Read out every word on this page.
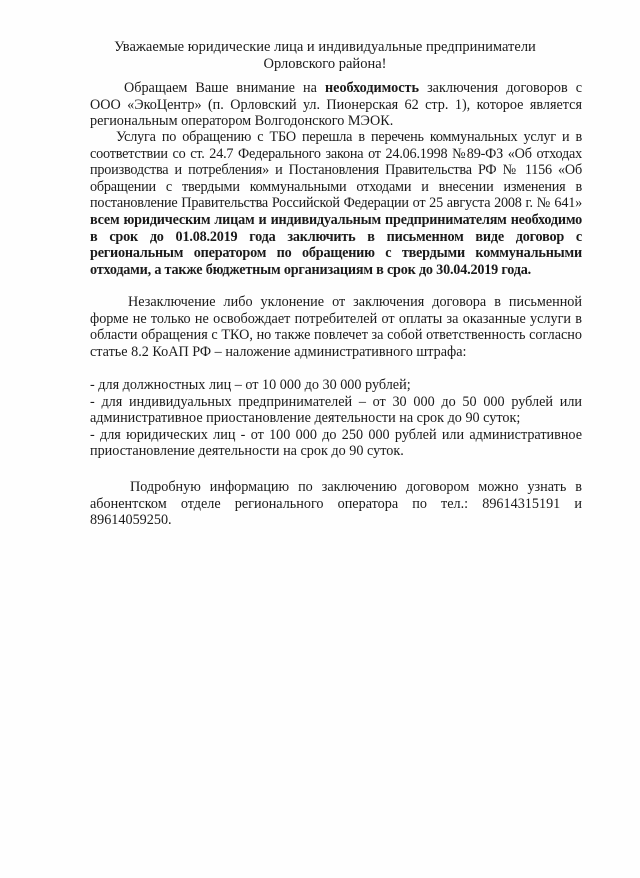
Уважаемые юридические лица и индивидуальные предприниматели
Орловского района!
Обращаем Ваше внимание на необходимость заключения договоров с ООО «ЭкоЦентр» (п. Орловский ул. Пионерская 62 стр. 1), которое является региональным оператором Волгодонского МЭОК.
Услуга по обращению с ТБО перешла в перечень коммунальных услуг и в соответствии со ст. 24.7 Федерального закона от 24.06.1998 №89-ФЗ «Об отходах производства и потребления» и Постановления Правительства РФ № 1156 «Об обращении с твердыми коммунальными отходами и внесении изменения в постановление Правительства Российской Федерации от 25 августа 2008 г. № 641» всем юридическим лицам и индивидуальным предпринимателям необходимо в срок до 01.08.2019 года заключить в письменном виде договор с региональным оператором по обращению с твердыми коммунальными отходами, а также бюджетным организациям в срок до 30.04.2019 года.
Незаключение либо уклонение от заключения договора в письменной форме не только не освобождает потребителей от оплаты за оказанные услуги в области обращения с ТКО, но также повлечет за собой ответственность согласно статье 8.2 КоАП РФ – наложение административного штрафа:
- для должностных лиц – от 10 000 до 30 000 рублей;
- для индивидуальных предпринимателей – от 30 000 до 50 000 рублей или административное приостановление деятельности на срок до 90 суток;
- для юридических лиц - от 100 000 до 250 000 рублей или административное приостановление деятельности на срок до 90 суток.
Подробную информацию по заключению договором можно узнать в абонентском отделе регионального оператора по тел.: 89614315191 и 89614059250.
